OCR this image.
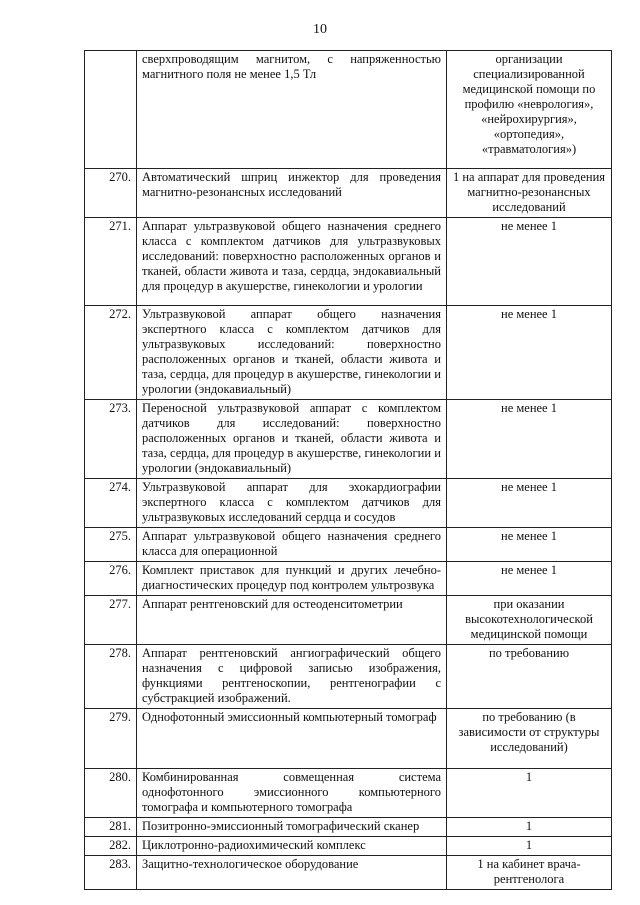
10
	сверхпроводящим магнитом, с напряженностью магнитного поля не менее 1,5 Тл	организации специализированной медицинской помощи по профилю «неврология», «нейрохирургия», «ортопедия», «травматология»)
270.	Автоматический шприц инжектор для проведения магнитно-резонансных исследований	1 на аппарат для проведения магнитно-резонансных исследований
271.	Аппарат ультразвуковой общего назначения среднего класса с комплектом датчиков для ультразвуковых исследований: поверхностно расположенных органов и тканей, области живота и таза, сердца, эндокавиальный для процедур в акушерстве, гинекологии и урологии	не менее 1
272.	Ультразвуковой аппарат общего назначения экспертного класса с комплектом датчиков для ультразвуковых исследований: поверхностно расположенных органов и тканей, области живота и таза, сердца, для процедур в акушерстве, гинекологии и урологии (эндокавиальный)	не менее 1
273.	Переносной ультразвуковой аппарат с комплектом датчиков для исследований: поверхностно расположенных органов и тканей, области живота и таза, сердца, для процедур в акушерстве, гинекологии и урологии (эндокавиальный)	не менее 1
274.	Ультразвуковой аппарат для эхокардиографии экспертного класса с комплектом датчиков для ультразвуковых исследований сердца и сосудов	не менее 1
275.	Аппарат ультразвуковой общего назначения среднего класса для операционной	не менее 1
276.	Комплект приставок для пункций и других лечебно-диагностических процедур под контролем ультрозвука	не менее 1
277.	Аппарат рентгеновский для остеоденситометрии	при оказании высокотехнологической медицинской помощи
278.	Аппарат рентгеновский ангиографический общего назначения с цифровой записью изображения, функциями рентгеноскопии, рентгенографии с субстракцией изображений.	по требованию
279.	Однофотонный эмиссионный компьютерный томограф	по требованию (в зависимости от структуры исследований)
280.	Комбинированная совмещенная система однофотонного эмиссионного компьютерного томографа и компьютерного томографа	1
281.	Позитронно-эмиссионный томографический сканер	1
282.	Циклотронно-радиохимический комплекс	1
283.	Защитно-технологическое оборудование	1 на кабинет врача-рентгенолога
